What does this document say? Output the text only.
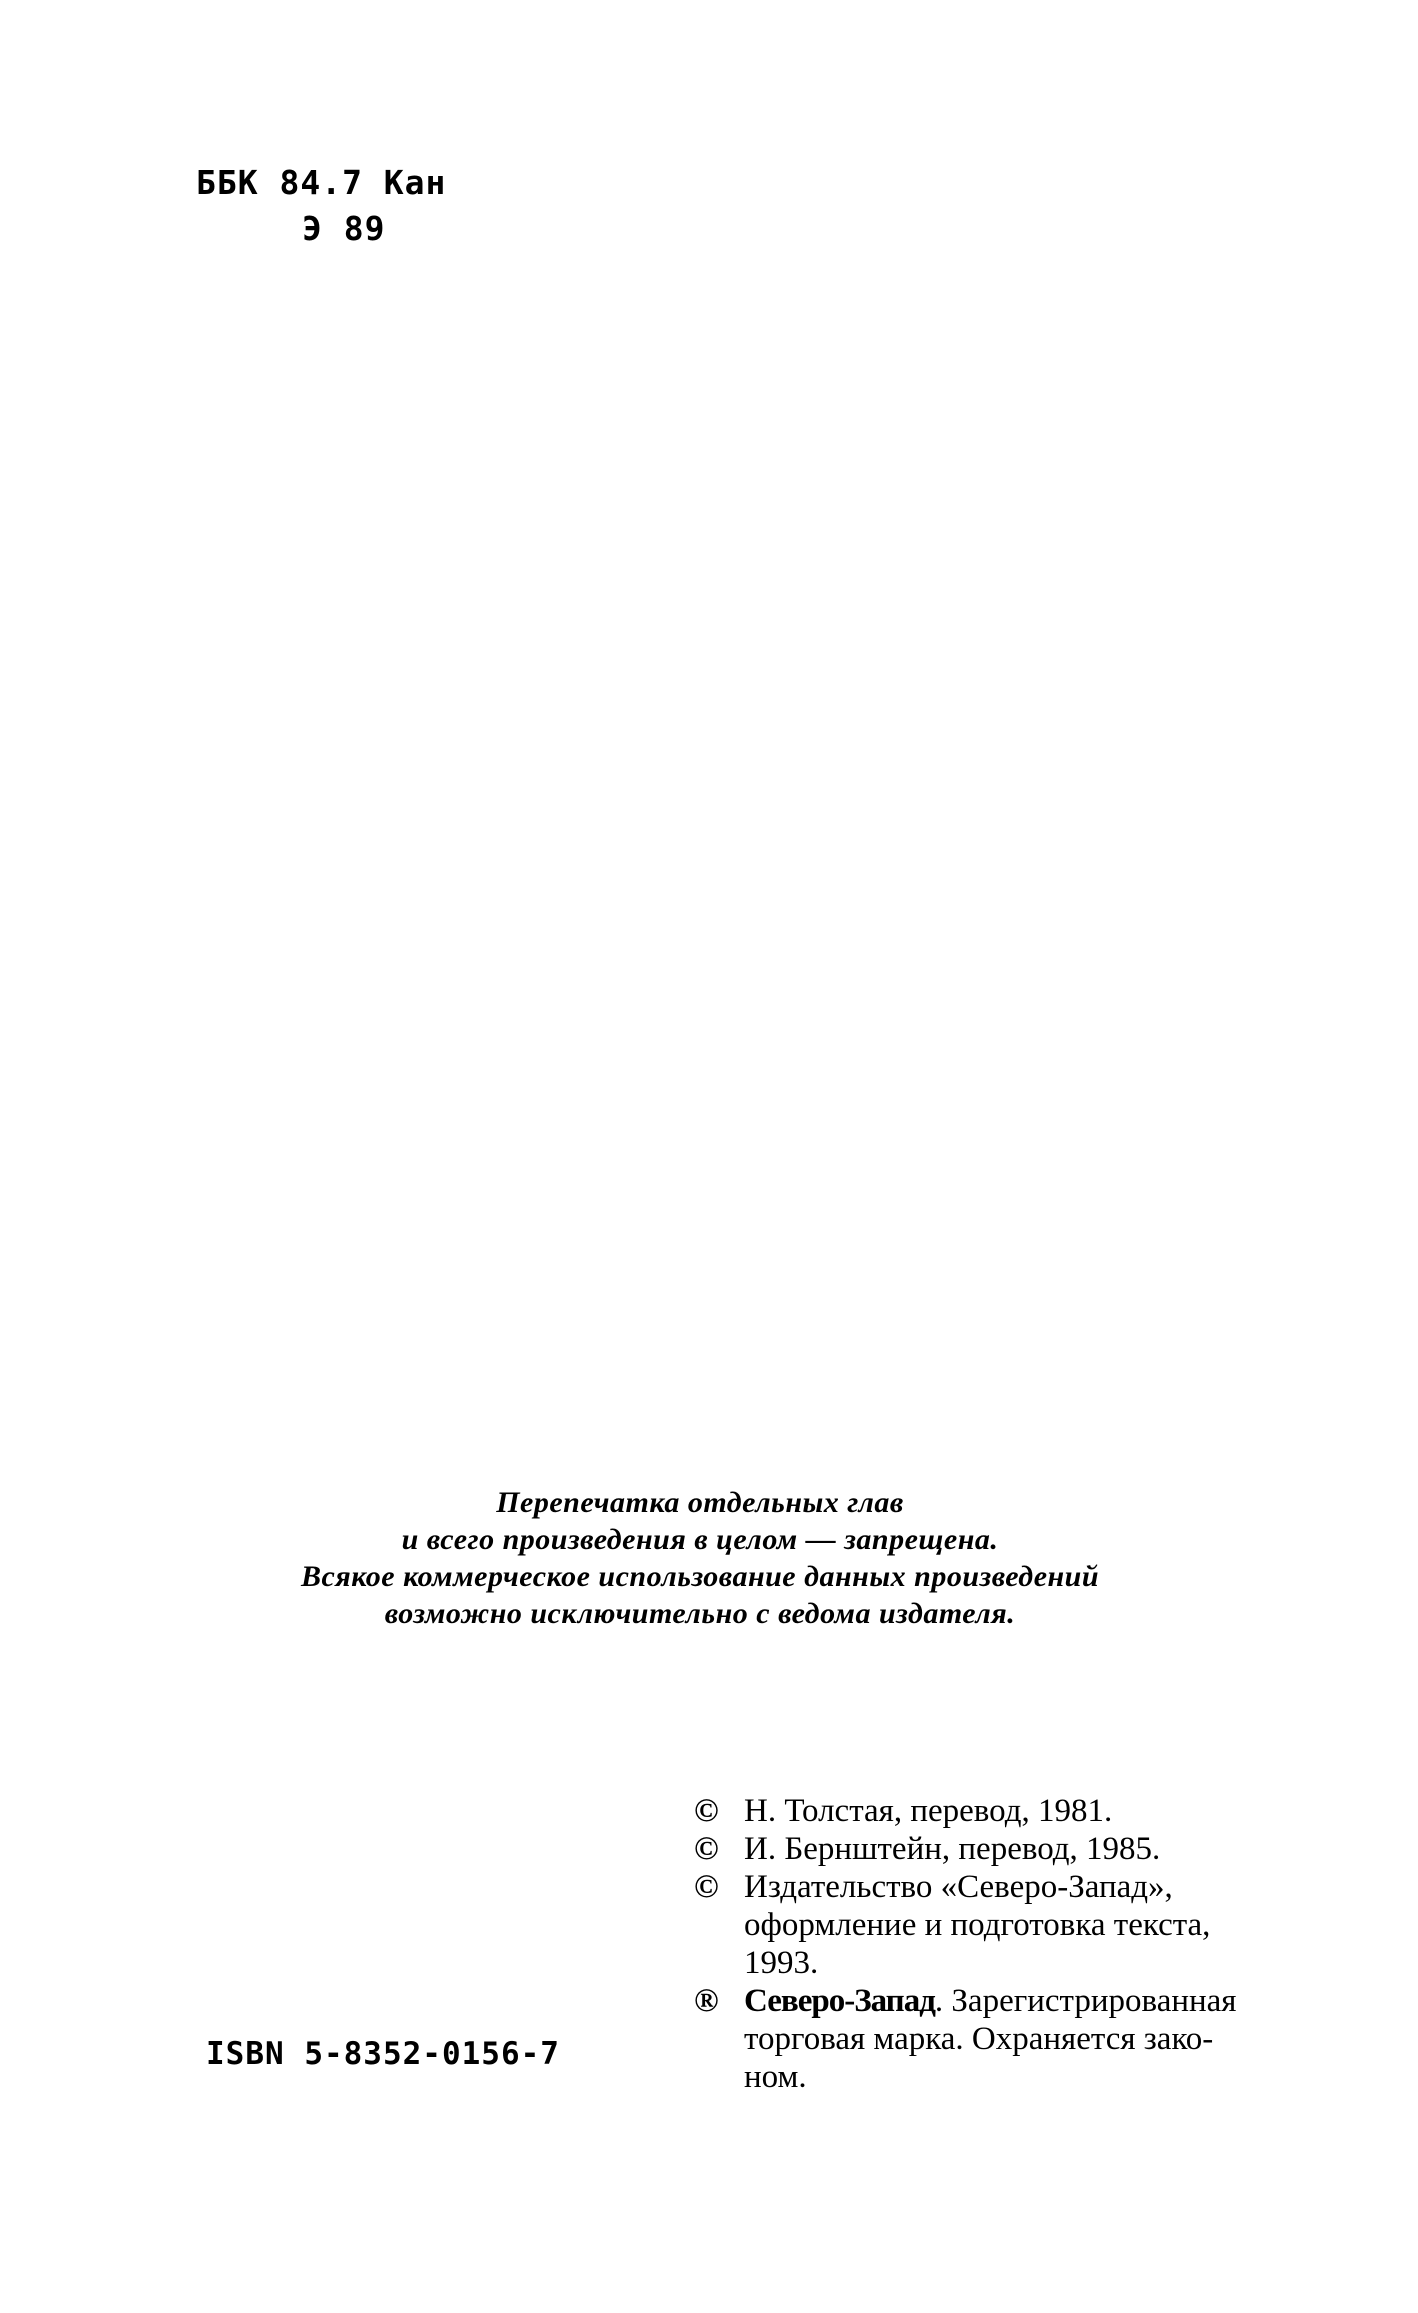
ББК 84.7 Кан
Э 89
Перепечатка отдельных глав
и всего произведения в целом — запрещена.
Всякое коммерческое использование данных произведений
возможно исключительно с ведома издателя.
© Н. Толстая, перевод, 1981.
© И. Бернштейн, перевод, 1985.
© Издательство «Северо-Запад»,
оформление и подготовка текста,
1993.
® Северо-Запад. Зарегистрированная
торговая марка. Охраняется зако-
ном.
ISBN 5-8352-0156-7
